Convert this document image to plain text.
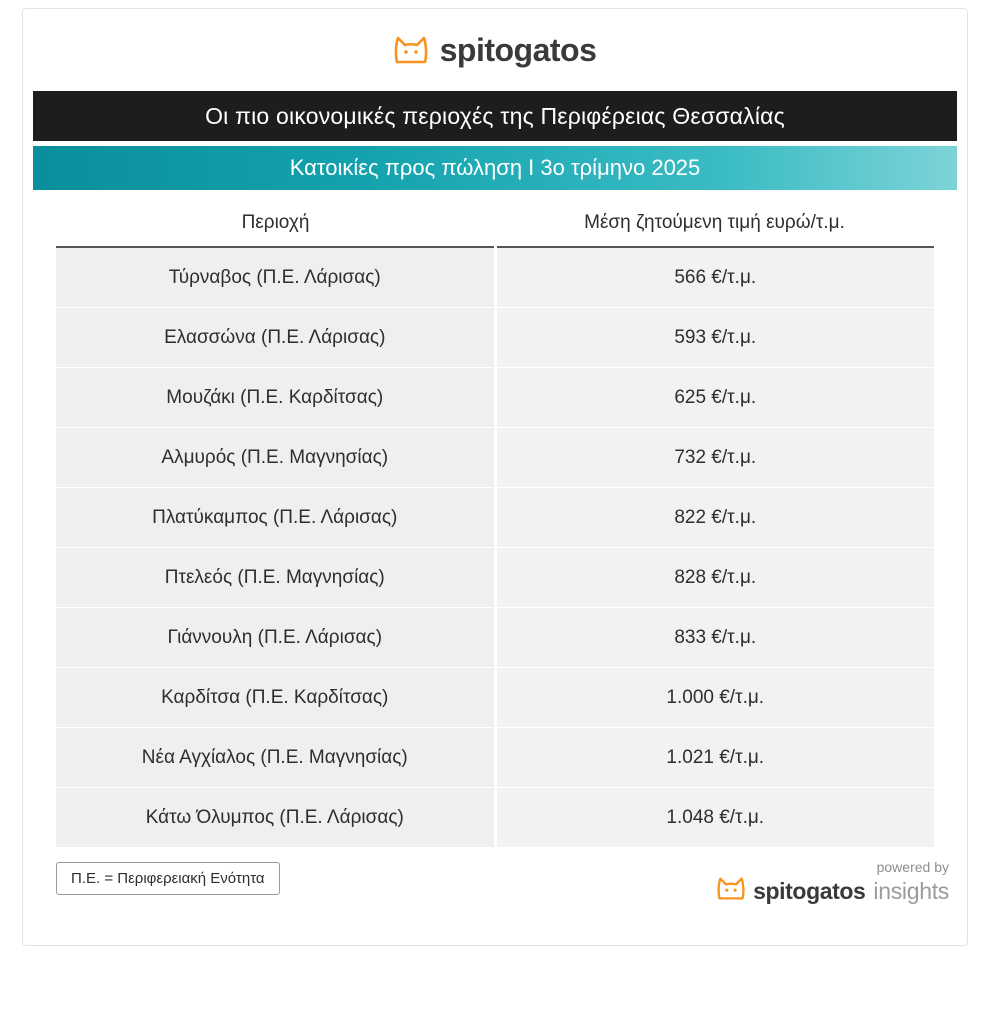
spitogatos
Οι πιο οικονομικές περιοχές της Περιφέρειας Θεσσαλίας
Κατοικίες προς πώληση I 3ο τρίμηνο 2025
Περιοχή	Μέση ζητούμενη τιμή ευρώ/τ.μ.
Τύρναβος (Π.Ε. Λάρισας)	566 €/τ.μ.
Ελασσώνα (Π.Ε. Λάρισας)	593 €/τ.μ.
Μουζάκι (Π.Ε. Καρδίτσας)	625 €/τ.μ.
Αλμυρός (Π.Ε. Μαγνησίας)	732 €/τ.μ.
Πλατύκαμπος (Π.Ε. Λάρισας)	822 €/τ.μ.
Πτελεός (Π.Ε. Μαγνησίας)	828 €/τ.μ.
Γιάννουλη (Π.Ε. Λάρισας)	833 €/τ.μ.
Καρδίτσα (Π.Ε. Καρδίτσας)	1.000 €/τ.μ.
Νέα Αγχίαλος (Π.Ε. Μαγνησίας)	1.021 €/τ.μ.
Κάτω Όλυμπος (Π.Ε. Λάρισας)	1.048 €/τ.μ.
Π.Ε. = Περιφερειακή Ενότητα
powered by
spitogatos insights
